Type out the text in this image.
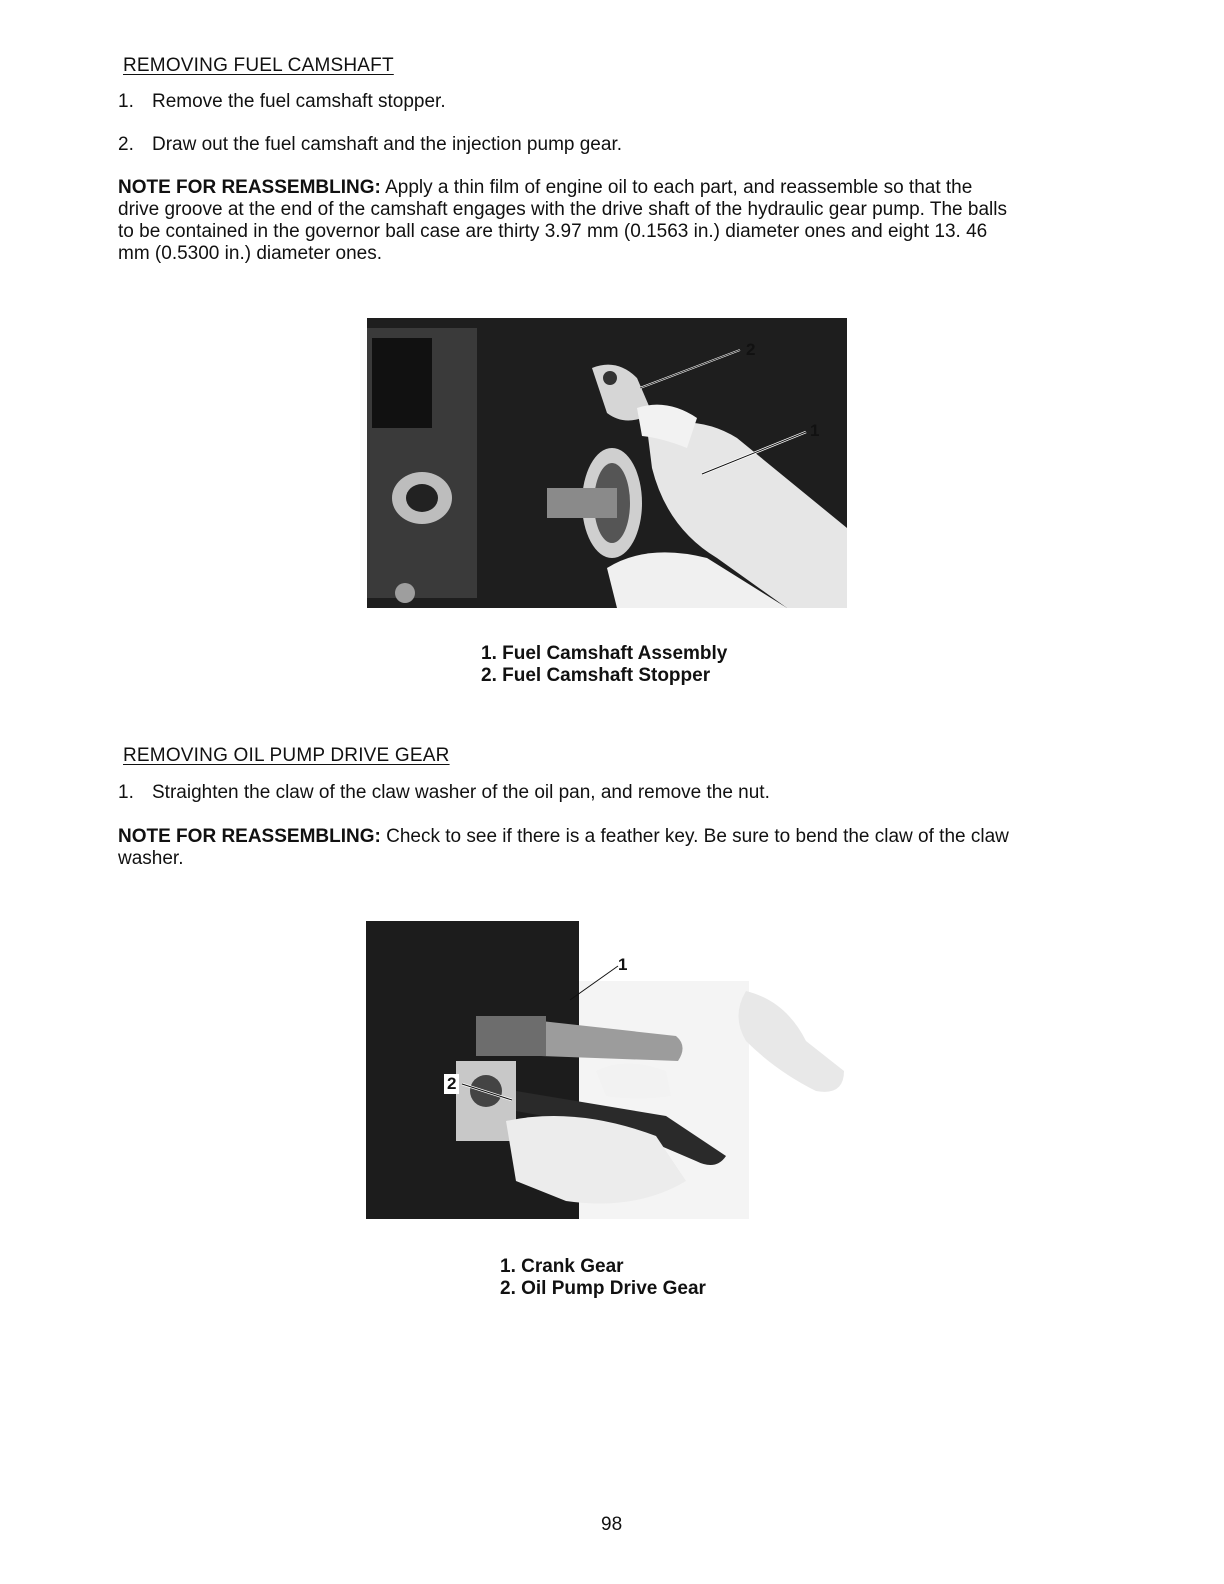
REMOVING FUEL CAMSHAFT
1. Remove the fuel camshaft stopper.
2. Draw out the fuel camshaft and the injection pump gear.
NOTE FOR REASSEMBLING: Apply a thin film of engine oil to each part, and reassemble so that the drive groove at the end of the camshaft engages with the drive shaft of the hydraulic gear pump. The balls to be contained in the governor ball case are thirty 3.97 mm (0.1563 in.) diameter ones and eight 13. 46 mm (0.5300 in.) diameter ones.
2
1
1. Fuel Camshaft Assembly
2. Fuel Camshaft Stopper
REMOVING OIL PUMP DRIVE GEAR
1. Straighten the claw of the claw washer of the oil pan, and remove the nut.
NOTE FOR REASSEMBLING: Check to see if there is a feather key. Be sure to bend the claw of the claw washer.
1
2
1. Crank Gear
2. Oil Pump Drive Gear
98
